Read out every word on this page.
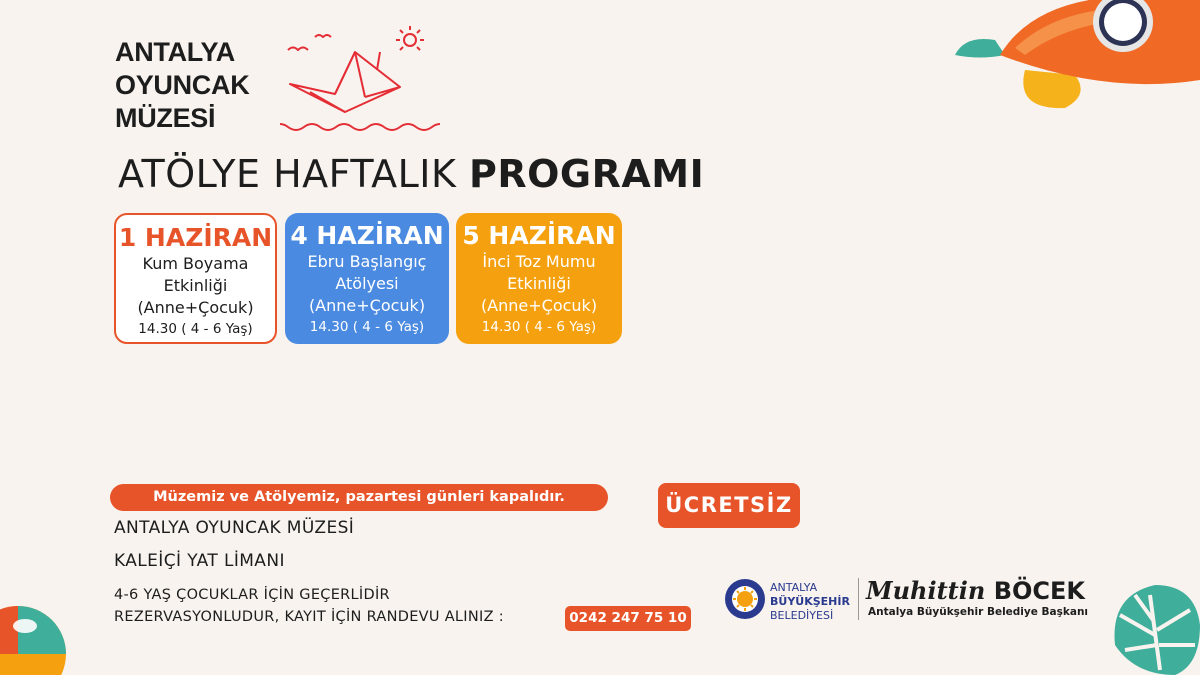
ANTALYA
OYUNCAK
MÜZESİ
ATÖLYE HAFTALIK PROGRAMI
1 HAZİRAN
Kum Boyama
Etkinliği
(Anne+Çocuk)
14.30 ( 4 - 6 Yaş)
4 HAZİRAN
Ebru Başlangıç
Atölyesi
(Anne+Çocuk)
14.30 ( 4 - 6 Yaş)
5 HAZİRAN
İnci Toz Mumu
Etkinliği
(Anne+Çocuk)
14.30 ( 4 - 6 Yaş)
Müzemiz ve Atölyemiz, pazartesi günleri kapalıdır.	ÜCRETSİZ
ANTALYA OYUNCAK MÜZESİ
KALEİÇİ YAT LİMANI
4-6 YAŞ ÇOCUKLAR İÇİN GEÇERLİDİR
REZERVASYONLUDUR, KAYIT İÇİN RANDEVU ALINIZ :	0242 247 75 10
ANTALYA
BÜYÜKŞEHİR
BELEDİYESİ
Muhittin BÖCEK
Antalya Büyükşehir Belediye Başkanı
